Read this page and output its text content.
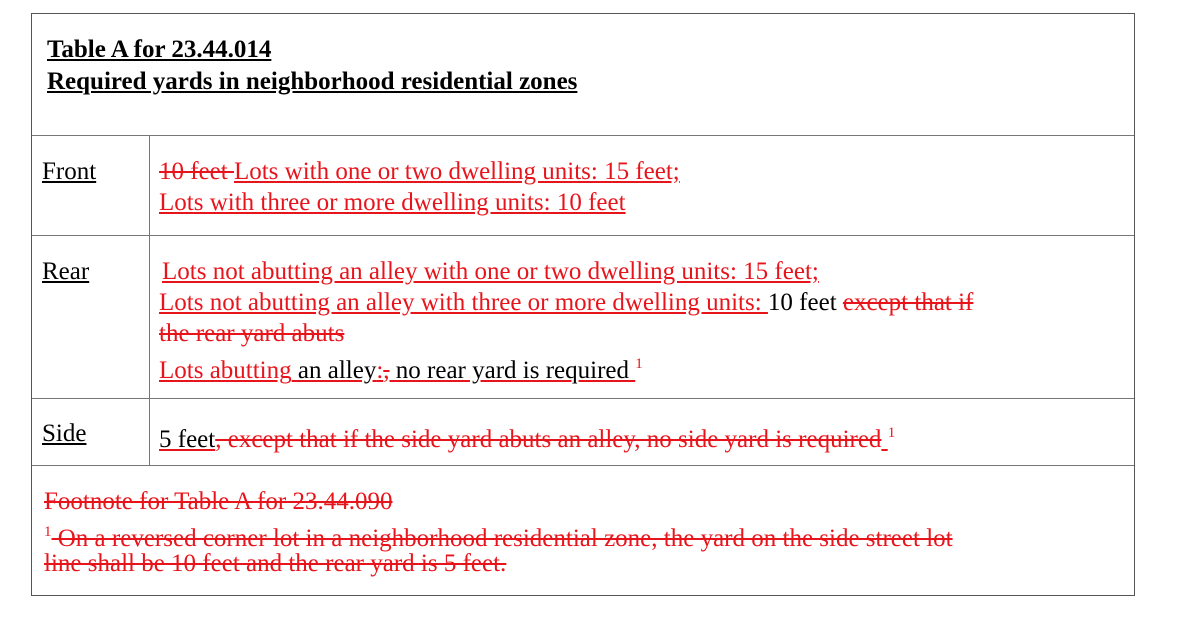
Table A for 23.44.014
Required yards in neighborhood residential zones
Front	10 feet Lots with one or two dwelling units: 15 feet;
Lots with three or more dwelling units: 10 feet
Rear	Lots not abutting an alley with one or two dwelling units: 15 feet;
Lots not abutting an alley with three or more dwelling units: 10 feet except that if
the rear yard abuts
Lots abutting an alley:, no rear yard is required $^1$
Side	5 feet, except that if the side yard abuts an alley, no side yard is required $^1$
Footnote for Table A for 23.44.090
$^1$ On a reversed corner lot in a neighborhood residential zone, the yard on the side street lot
line shall be 10 feet and the rear yard is 5 feet.
